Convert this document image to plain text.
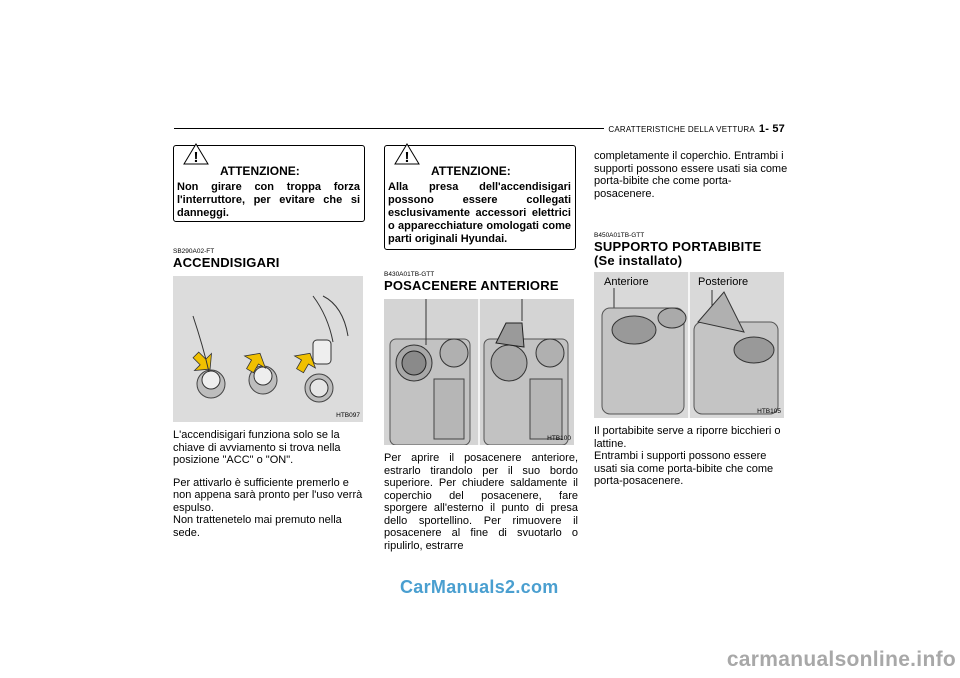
CARATTERISTICHE DELLA VETTURA 1- 57
!
ATTENZIONE:
Non girare con troppa forza l'interruttore, per evitare che si danneggi.
SB290A02-FT
ACCENDISIGARI
HTB097

L'accendisigari funziona solo se la chiave di avviamento si trova nella posizione "ACC" o "ON".

Per attivarlo è sufficiente premerlo e non appena sarà pronto per l'uso verrà espulso.

Non trattenetelo mai premuto nella sede.

!
ATTENZIONE:
Alla presa dell'accendisigari possono essere collegati esclusivamente accessori elettrici o apparecchiature omologati come parti originali Hyundai.
B430A01TB-GTT
POSACENERE ANTERIORE
HTB100

Per aprire il posacenere anteriore, estrarlo tirandolo per il suo bordo superiore. Per chiudere saldamente il coperchio del posacenere, fare sporgere all'esterno il punto di presa dello sportellino. Per rimuovere il posacenere al fine di svuotarlo o ripulirlo, estrarre

completamente il coperchio. Entrambi i supporti possono essere usati sia come porta-bibite che come porta-posacenere.

B450A01TB-GTT
SUPPORTO PORTABIBITE
(Se installato)
Anteriore	Posteriore
HTB105

Il portabibite serve a riporre bicchieri o lattine.

Entrambi i supporti possono essere usati sia come porta-bibite che come porta-posacenere.

CarManuals2.com
carmanualsonline.info
